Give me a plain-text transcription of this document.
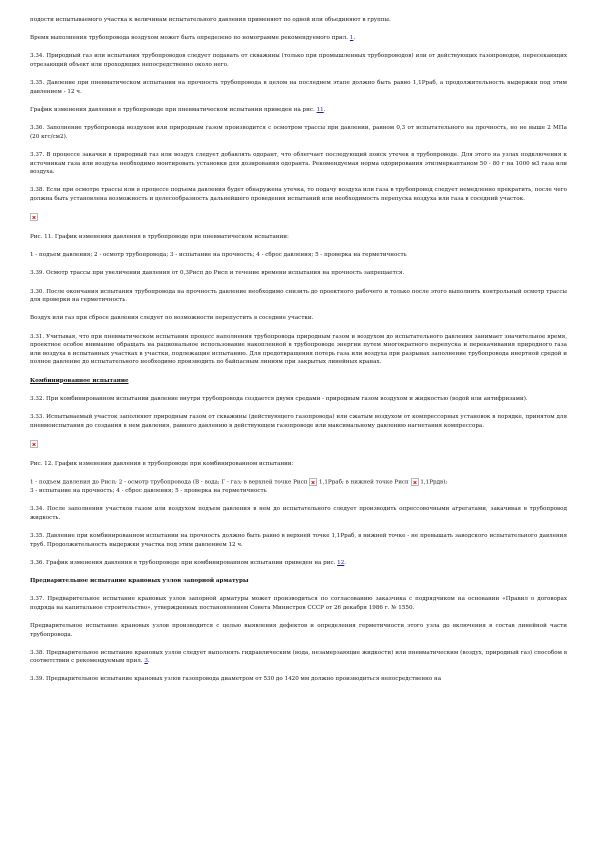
подости испытываемого участка к величинам испытательного давления применяют по одной или объединяют в группы.

Время выполнения трубопровода воздухом может быть определено по номограмме рекомендуемого прил. 1.

3.34. Природный газ или испытания трубопроводов следует подавать от скважины (только при промышленных трубопроводов) или от действующих газопроводов, пересекающих отрезающий объект или проходящих непосредственно около него.

3.35. Давление при пневматическом испытании на прочность трубопровода в целом на последнем этапе должно быть равно 1,1Рраб, а продолжительность выдержки под этим давлением - 12 ч.

График изменения давления в трубопроводе при пневматическом испытании приведен на рис. 11.

3.36. Заполнение трубопровода воздухом или природным газом производится с осмотром трассы при давлении, равном 0,3 от испытательного на прочность, но не выше 2 МПа (20 кгс/см2).

3.37. В процессе закачки в природный газ или воздух следует добавлять одорант, что облегчает последующий поиск утечек в трубопроводе. Для этого на узлах подключения к источникам газа или воздуха необходимо монтировать установки для дозирования одоранта. Рекомендуемая норма одорирования этилмеркаптаном 50 - 80 г на 1000 м3 газа или воздуха.

3.38. Если при осмотре трассы или в процессе подъема давления будет обнаружена утечка, то подачу воздуха или газа в трубопровод следует немедленно прекратить, после чего должна быть установлена возможность и целесообразность дальнейшего проведения испытаний или необходимость перепуска воздуха или газа в соседний участок.

Рис. 11. График изменения давления в трубопроводе при пневматическом испытании:

1 - подъем давления; 2 - осмотр трубопровода; 3 - испытание на прочность; 4 - сброс давления; 5 - проверка на герметичность

3.39. Осмотр трассы при увеличении давления от 0,3Рисп до Рисп и течение времени испытания на прочность запрещается.

3.30. После окончания испытания трубопровода на прочность давление необходимо снизить до проектного рабочего и только после этого выполнить контрольный осмотр трассы для проверки на герметичность.

Воздух или газ при сбросе давления следует по возможности перепустить в соседние участки.

3.31. Учитывая, что при пневматическом испытании процесс наполнения трубопровода природным газом и воздухом до испытательного давления занимает значительное время, проектное особое внимание обращать на рациональное использование накопленной в трубопроводе энергии путем многократного перепуска и перекачивания природного газа или воздуха в испытанных участках в участки, подлежащие испытанию. Для предотвращения потерь газа или воздуха при разрывах заполнение трубопровода инертной средой и полное давление до испытательного необходимо производить по байпасным линиям при закрытых линейных кранах.

Комбинированное испытание

3.32. При комбинированном испытании давление внутри трубопровода создается двумя средами - природным газом воздухом и жидкостью (водой или антифризами).

3.33. Испытываемый участок заполняют природным газом от скважины (действующего газопровода) или сжатым воздухом от компрессорных установок в порядке, принятом для пневмоиспытания до создания в нем давления, равного давлению в действующем газопроводе или максимальному давлению нагнетания компрессора.

Рис. 12. График изменения давления в трубопроводе при комбинированном испытании:

1 - подъем давления до Рисп; 2 - осмотр трубопровода (В - вода; Г - газ; в верхней точке Рисп 1,1Рраб; в нижней точке Рисп 1,1Ррдв);
3 - испытание на прочность; 4 - сброс давления; 5 - проверка на герметичность

3.34. После заполнения участков газом или воздухом подъем давления в нем до испытательного следует производить опрессовочными агрегатами, закачивая в трубопровод жидкость.

3.35. Давление при комбинированном испытании на прочность должно быть равно в верхней точке 1,1Рраб, в нижней точке - не превышать заводского испытательного давления труб. Продолжительность выдержки участка под этим давлением 12 ч.

3.36. График изменения давления в трубопроводе при комбинированном испытании приведен на рис. 12.

Предварительное испытание крановых узлов запорной арматуры

3.37. Предварительное испытание крановых узлов запорной арматуры может производиться по согласованию заказчика с подрядчиком на основании «Правил о договорах подряда на капитальное строительство», утвержденных постановлением Совета Министров СССР от 26 декабря 1986 г. № 1550.

Предварительное испытание крановых узлов производится с целью выявления дефектов и определения герметичности этого узла до включения в состав линейной части трубопровода.

3.38. Предварительное испытание крановых узлов следует выполнять гидравлическим (вода, незамерзающие жидкости) или пневматическим (воздух, природный газ) способом в соответствии с рекомендуемым прил. 3.

3.39. Предварительное испытание крановых узлов газопровода диаметром от 530 до 1420 мм должно производиться непосредственно на
